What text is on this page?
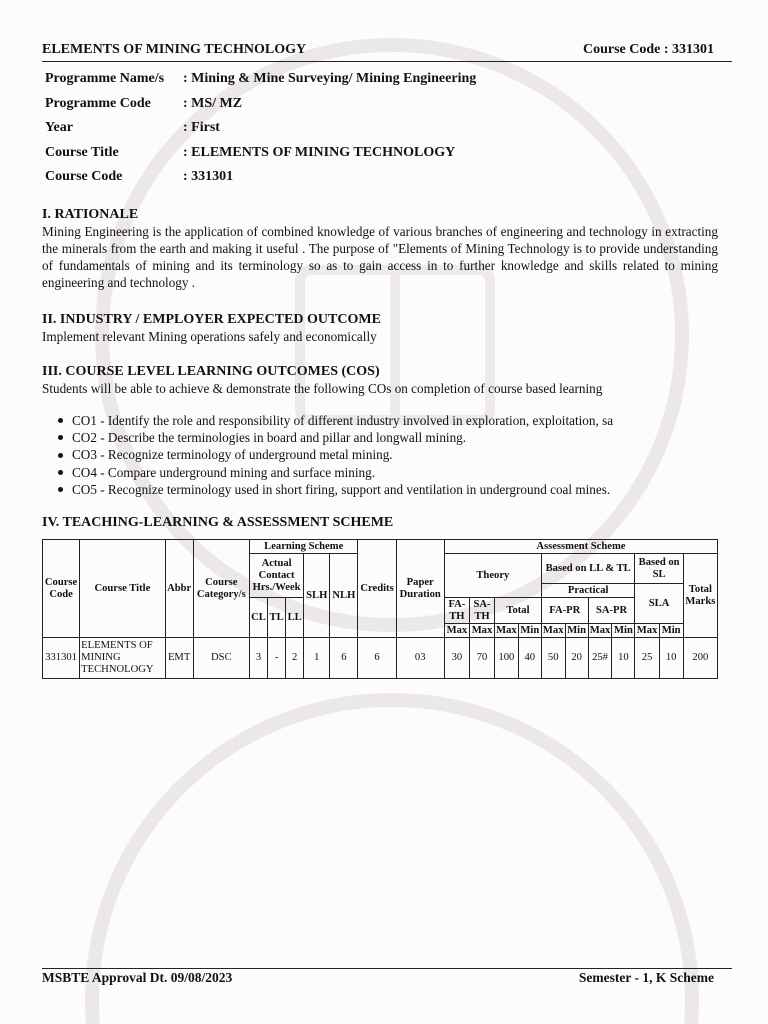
ELEMENTS OF MINING TECHNOLOGY	Course Code : 331301
Programme Name/s	: Mining & Mine Surveying/ Mining Engineering
Programme Code	: MS/ MZ
Year	: First
Course Title	: ELEMENTS OF MINING TECHNOLOGY
Course Code	: 331301
I. RATIONALE

Mining Engineering is the application of combined knowledge of various branches of engineering and technology in extracting the minerals from the earth and making it useful . The purpose of "Elements of Mining Technology is to provide understanding of fundamentals of mining and its terminology so as to gain access in to further knowledge and skills related to mining engineering and technology .

II. INDUSTRY / EMPLOYER EXPECTED OUTCOME

Implement relevant Mining operations safely and economically

III. COURSE LEVEL LEARNING OUTCOMES (COS)

Students will be able to achieve & demonstrate the following COs on completion of course based learning

CO1 - Identify the role and responsibility of different industry involved in exploration, exploitation, sa
CO2 - Describe the terminologies in board and pillar and longwall mining.
CO3 - Recognize terminology of underground metal mining.
CO4 - Compare underground mining and surface mining.
CO5 - Recognize terminology used in short firing, support and ventilation in underground coal mines.
IV. TEACHING-LEARNING & ASSESSMENT SCHEME
Course Code	Course Title	Abbr	Course Category/s	Learning Scheme					Credits	Paper Duration	Assessment Scheme										
				Actual Contact Hrs./Week			SLH	NLH			Theory				Based on LL & TL				Based on SL		Total Marks
															Practical				SLA		
				CL	TL	LL					FA-TH	SA-TH	Total		FA-PR		SA-PR				
											Max	Max	Max	Min	Max	Min	Max	Min	Max	Min	
331301	ELEMENTS OF MINING TECHNOLOGY	EMT	DSC	3	-	2	1	6	6	03	30	70	100	40	50	20	25#	10	25	10	200
MSBTE Approval Dt. 09/08/2023	Semester - 1, K Scheme
